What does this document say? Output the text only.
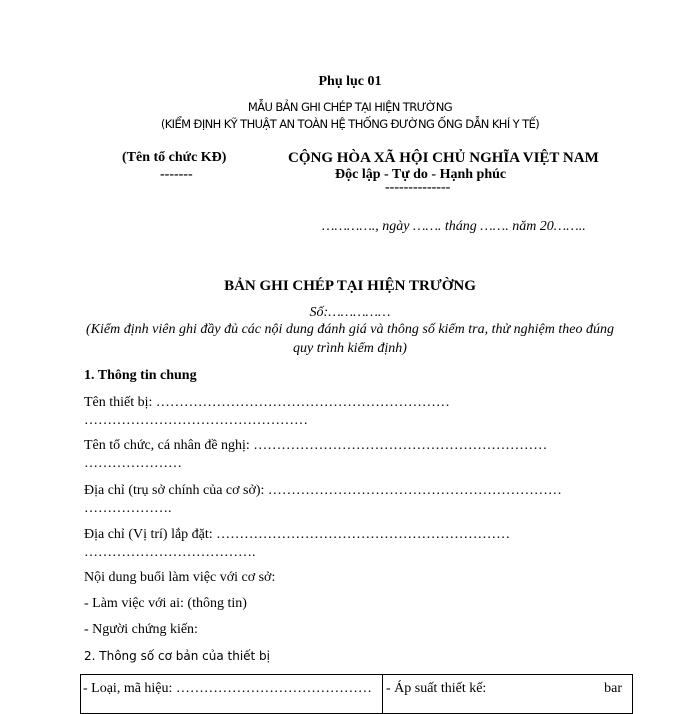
Phụ lục 01
MẪU BẢN GHI CHÉP TẠI HIỆN TRƯỜNG
(KIỂM ĐỊNH KỸ THUẬT AN TOÀN HỆ THỐNG ĐƯỜNG ỐNG DẪN KHÍ Y TẾ)
(Tên tổ chức KĐ)
-------
CỘNG HÒA XÃ HỘI CHỦ NGHĨA VIỆT NAM
Độc lập - Tự do - Hạnh phúc
--------------
…………., ngày ……. tháng ……. năm 20……..
BẢN GHI CHÉP TẠI HIỆN TRƯỜNG
Số:……………
(Kiểm định viên ghi đầy đủ các nội dung đánh giá và thông số kiểm tra, thử nghiệm theo đúng
quy trình kiểm định)
1. Thông tin chung
Tên thiết bị: ………………………………………………………
…………………………………………
Tên tổ chức, cá nhân đề nghị: ………………………………………………………
…………………
Địa chỉ (trụ sở chính của cơ sở): ………………………………………………………
……………….
Địa chỉ (Vị trí) lắp đặt: ………………………………………………………
……………………………….
Nội dung buổi làm việc với cơ sở:
- Làm việc với ai: (thông tin)
- Người chứng kiến:
2. Thông số cơ bản của thiết bị
- Loại, mã hiệu: …………………………………… - Áp suất thiết kế:	bar
